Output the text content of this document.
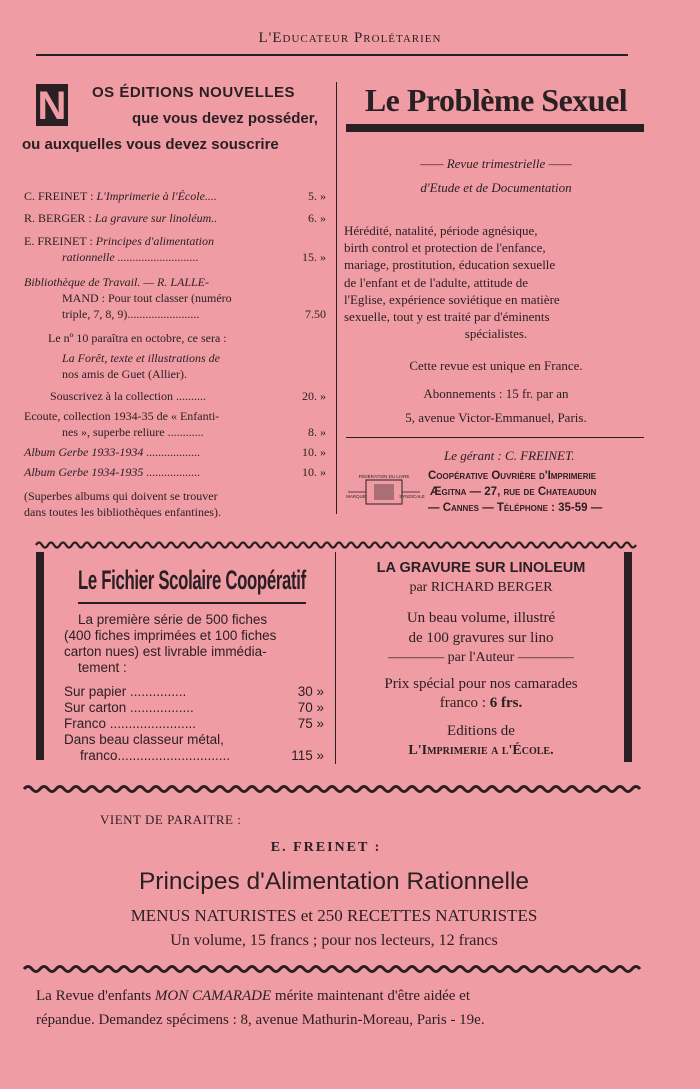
L'Educateur Prolétarien
N OS ÉDITIONS NOUVELLES
que vous devez posséder,
ou auxquelles vous devez souscrire
C. FREINET : L'Imprimerie à l'École....	5. »
R. BERGER : La gravure sur linoléum..	6. »
E. FREINET : Principes d'alimentation
rationnelle ...........................	15. »
Bibliothèque de Travail. — R. LALLE-
MAND : Pour tout classer (numéro
triple, 7, 8, 9)........................	7.50
Le nº 10 paraîtra en octobre, ce sera :
La Forêt, texte et illustrations de
nos amis de Guet (Allier).
Souscrivez à la collection ..........	20. »
Ecoute, collection 1934-35 de « Enfanti-
nes », superbe reliure ............	8. »
Album Gerbe 1933-1934 ..................	10. »
Album Gerbe 1934-1935 ..................	10. »
(Superbes albums qui doivent se trouver
dans toutes les bibliothèques enfantines).
Le Problème Sexuel
—— Revue trimestrielle ——
d'Etude et de Documentation
Hérédité, natalité, période agnésique,
birth control et protection de l'enfance,
mariage, prostitution, éducation sexuelle
de l'enfant et de l'adulte, attitude de
l'Eglise, expérience soviétique en matière
sexuelle, tout y est traité par d'éminents
spécialistes.
Cette revue est unique en France.
Abonnements : 15 fr. par an
5, avenue Victor-Emmanuel, Paris.
Le gérant : C. FREINET.
FÉDÉRATION DU LIVRE
MARQUE	SYNDICALE
Coopérative Ouvrière d'Imprimerie
Ægitna — 27, rue de Chateaudun
— Cannes — Téléphone : 35-59 —
Le Fichier Scolaire Coopératif
La première série de 500 fiches
(400 fiches imprimées et 100 fiches
carton nues) est livrable immédia-
tement :
Sur papier ...............	30 »
Sur carton .................	70 »
Franco .......................	75 »
Dans beau classeur métal,
franco..............................	115 »
LA GRAVURE SUR LINOLEUM
par RICHARD BERGER
Un beau volume, illustré
de 100 gravures sur lino
———— par l'Auteur ————
Prix spécial pour nos camarades
franco : 6 frs.
Editions de
L'Imprimerie a l'École.
VIENT DE PARAITRE :
E. FREINET :
Principes d'Alimentation Rationnelle
MENUS NATURISTES et 250 RECETTES NATURISTES
Un volume, 15 francs ; pour nos lecteurs, 12 francs
La Revue d'enfants MON CAMARADE mérite maintenant d'être aidée et
répandue. Demandez spécimens : 8, avenue Mathurin-Moreau, Paris - 19e.
